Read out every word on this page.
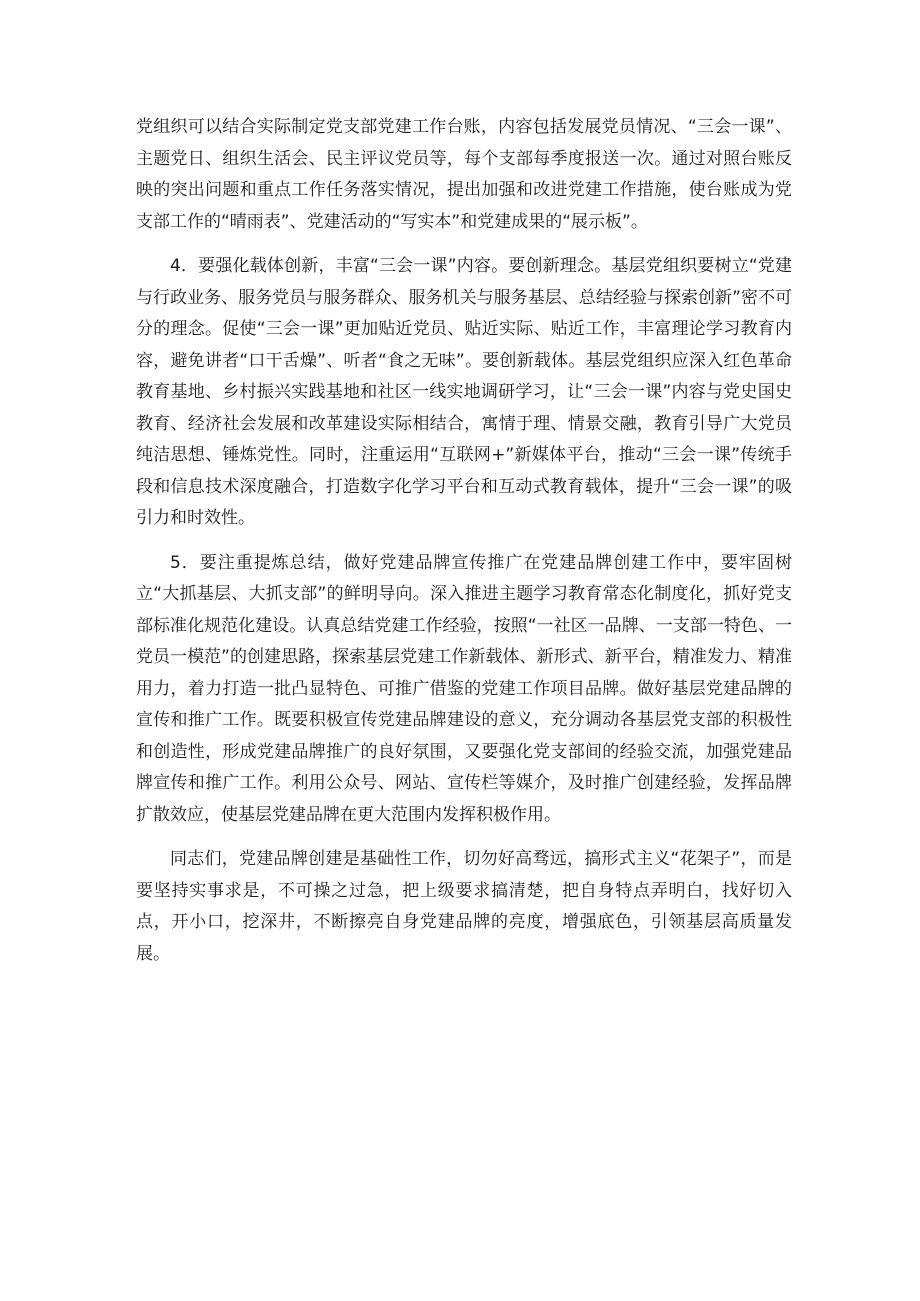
党组织可以结合实际制定党支部党建工作台账，内容包括发展党员情况、“三会一课”、主题党日、组织生活会、民主评议党员等，每个支部每季度报送一次。通过对照台账反映的突出问题和重点工作任务落实情况，提出加强和改进党建工作措施，使台账成为党支部工作的“晴雨表”、党建活动的“写实本”和党建成果的“展示板”。

4．要强化载体创新，丰富“三会一课”内容。要创新理念。基层党组织要树立“党建与行政业务、服务党员与服务群众、服务机关与服务基层、总结经验与探索创新”密不可分的理念。促使“三会一课”更加贴近党员、贴近实际、贴近工作，丰富理论学习教育内容，避免讲者“口干舌燥”、听者“食之无味”。要创新载体。基层党组织应深入红色革命教育基地、乡村振兴实践基地和社区一线实地调研学习，让“三会一课”内容与党史国史教育、经济社会发展和改革建设实际相结合，寓情于理、情景交融，教育引导广大党员纯洁思想、锤炼党性。同时，注重运用“互联网+”新媒体平台，推动“三会一课”传统手段和信息技术深度融合，打造数字化学习平台和互动式教育载体，提升“三会一课”的吸引力和时效性。

5．要注重提炼总结，做好党建品牌宣传推广在党建品牌创建工作中，要牢固树立“大抓基层、大抓支部”的鲜明导向。深入推进主题学习教育常态化制度化，抓好党支部标准化规范化建设。认真总结党建工作经验，按照“一社区一品牌、一支部一特色、一党员一模范”的创建思路，探索基层党建工作新载体、新形式、新平台，精准发力、精准用力，着力打造一批凸显特色、可推广借鉴的党建工作项目品牌。做好基层党建品牌的宣传和推广工作。既要积极宣传党建品牌建设的意义，充分调动各基层党支部的积极性和创造性，形成党建品牌推广的良好氛围，又要强化党支部间的经验交流，加强党建品牌宣传和推广工作。利用公众号、网站、宣传栏等媒介，及时推广创建经验，发挥品牌扩散效应，使基层党建品牌在更大范围内发挥积极作用。

同志们，党建品牌创建是基础性工作，切勿好高骛远，搞形式主义“花架子”，而是要坚持实事求是，不可操之过急，把上级要求搞清楚，把自身特点弄明白，找好切入点，开小口，挖深井，不断擦亮自身党建品牌的亮度，增强底色，引领基层高质量发展。
